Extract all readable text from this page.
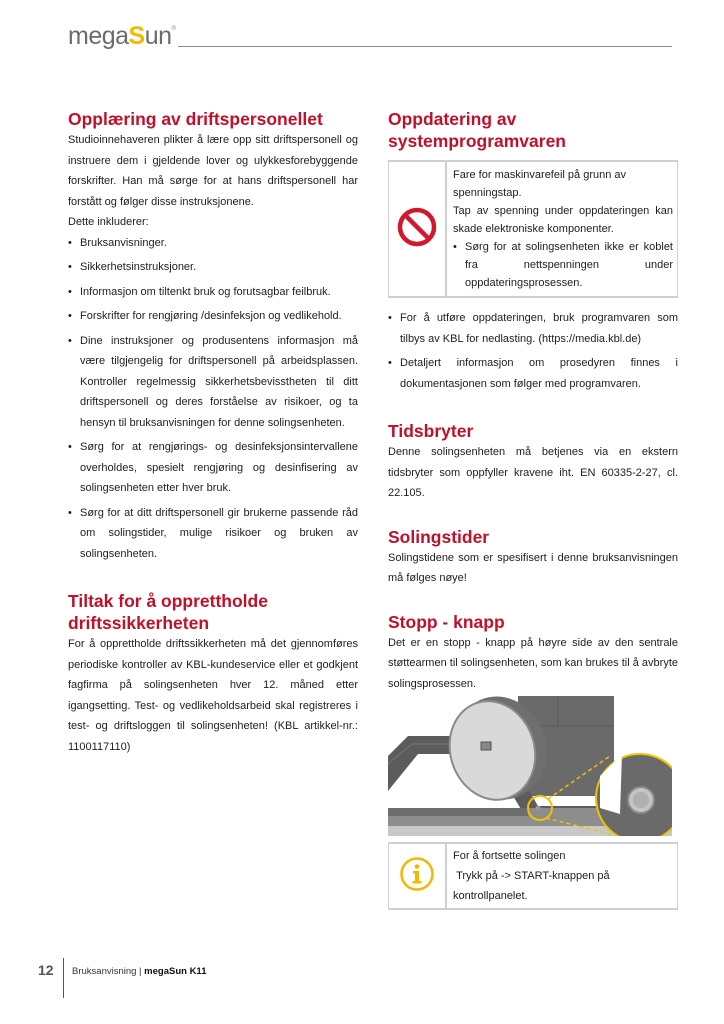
megaSun®
Opplæring av driftspersonellet

Studioinnehaveren plikter å lære opp sitt driftspersonell og instruere dem i gjeldende lover og ulykkesforebyggende forskrifter. Han må sørge for at hans driftspersonell har forstått og følger disse instruksjonene.

Dette inkluderer:

• Bruksanvisninger.
• Sikkerhetsinstruksjoner.
• Informasjon om tiltenkt bruk og forutsagbar feilbruk.
• Forskrifter for rengjøring /desinfeksjon og vedlikehold.
• Dine instruksjoner og produsentens informasjon må være tilgjengelig for driftspersonell på arbeidsplassen. Kontroller regelmessig sikkerhetsbevisstheten til ditt driftspersonell og deres forståelse av risikoer, og ta hensyn til bruksanvisningen for denne solingsenheten.
• Sørg for at rengjørings- og desinfeksjonsintervallene overholdes, spesielt rengjøring og desinfisering av solingsenheten etter hver bruk.
• Sørg for at ditt driftspersonell gir brukerne passende råd om solingstider, mulige risikoer og bruken av solingsenheten.
Tiltak for å opprettholde driftssikkerheten

For å opprettholde driftssikkerheten må det gjennomføres periodiske kontroller av KBL-kundeservice eller et godkjent fagfirma på solingsenheten hver 12. måned etter igangsetting. Test- og vedlikeholdsarbeid skal registreres i test- og driftsloggen til solingsenheten! (KBL artikkel-nr.: 1100117110)

Oppdatering av systemprogramvaren

Fare for maskinvarefeil på grunn av spenningstap.

Tap av spenning under oppdateringen kan skade elektroniske komponenter.

• Sørg for at solingsenheten ikke er koblet fra nettspenningen under oppdateringsprosessen.
• For å utføre oppdateringen, bruk programvaren som tilbys av KBL for nedlasting. (https://media.kbl.de)
• Detaljert informasjon om prosedyren finnes i dokumentasjonen som følger med programvaren.
Tidsbryter

Denne solingsenheten må betjenes via en ekstern tidsbryter som oppfyller kravene iht. EN 60335-2-27, cl. 22.105.

Solingstider

Solingstidene som er spesifisert i denne bruksanvisningen må følges nøye!

Stopp - knapp

Det er en stopp - knapp på høyre side av den sentrale støttearmen til solingsenheten, som kan brukes til å avbryte solingsprosessen.

For å fortsette solingen

Trykk på -> START-knappen på kontrollpanelet.

12 Bruksanvisning | megaSun K11
